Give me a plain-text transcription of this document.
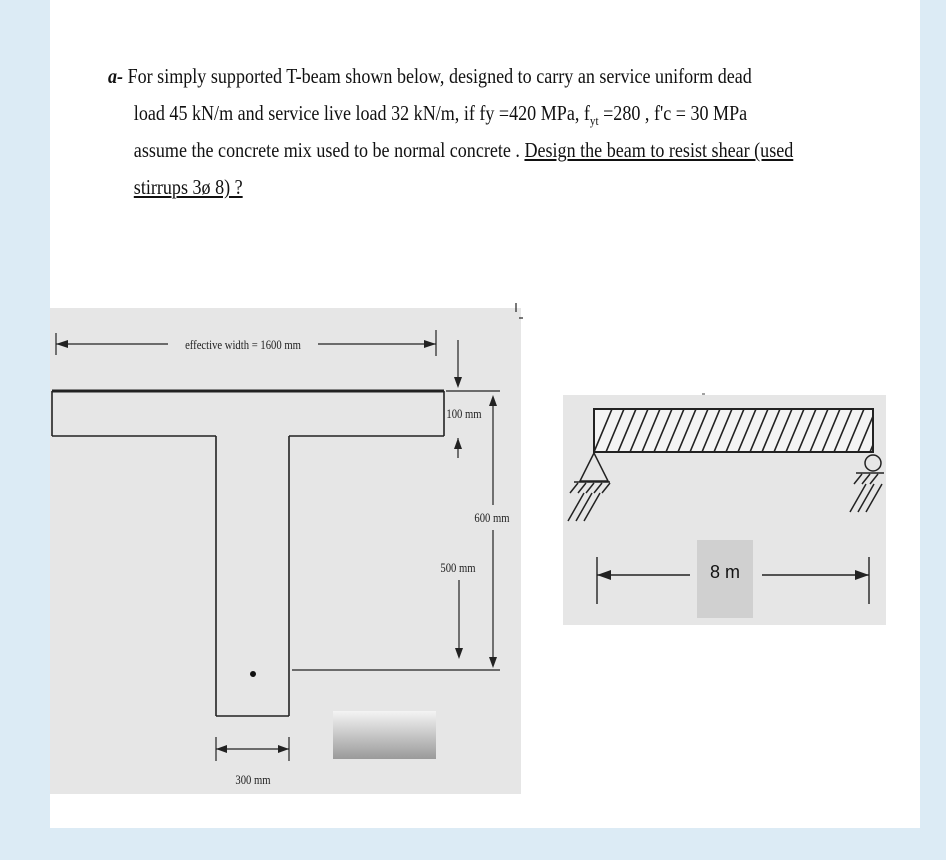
a- For simply supported T-beam shown below, designed to carry an service uniform dead
load 45 kN/m and service live load 32 kN/m, if fy =420 MPa, $f_{yt} =280$ , f'c = 30 MPa
assume the concrete mix used to be normal concrete . Design the beam to resist shear (used
stirrups 3ø 8) ?
effective width = 1600 mm
100 mm
600 mm
500 mm
300 mm
8 m
